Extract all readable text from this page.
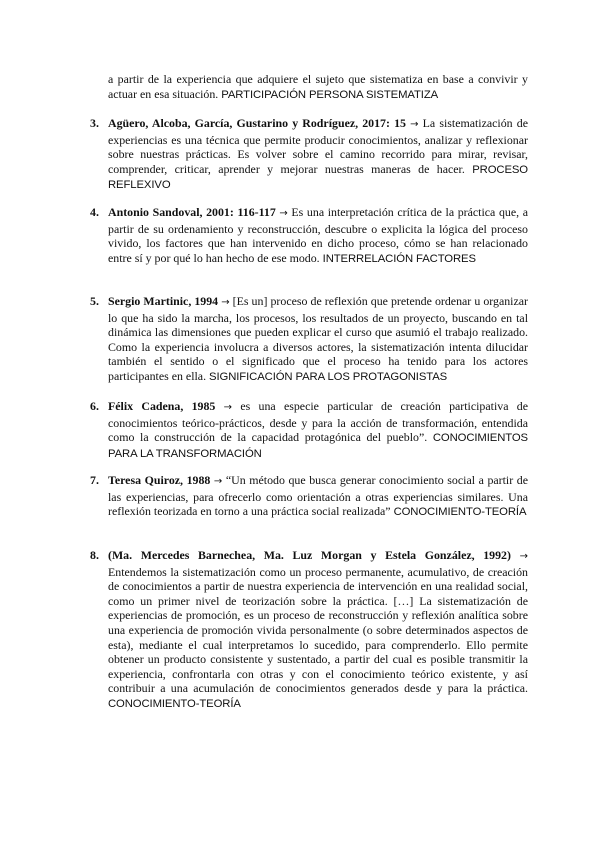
a partir de la experiencia que adquiere el sujeto que sistematiza en base a convivir y actuar en esa situación. PARTICIPACIÓN PERSONA SISTEMATIZA
3. Agüero, Alcoba, García, Gustarino y Rodríguez, 2017: 15 → La sistematización de experiencias es una técnica que permite producir conocimientos, analizar y reflexionar sobre nuestras prácticas. Es volver sobre el camino recorrido para mirar, revisar, comprender, criticar, aprender y mejorar nuestras maneras de hacer. PROCESO REFLEXIVO
4. Antonio Sandoval, 2001: 116-117 → Es una interpretación crítica de la práctica que, a partir de su ordenamiento y reconstrucción, descubre o explicita la lógica del proceso vivido, los factores que han intervenido en dicho proceso, cómo se han relacionado entre sí y por qué lo han hecho de ese modo. INTERRELACIÓN FACTORES
5. Sergio Martinic, 1994 → [Es un] proceso de reflexión que pretende ordenar u organizar lo que ha sido la marcha, los procesos, los resultados de un proyecto, buscando en tal dinámica las dimensiones que pueden explicar el curso que asumió el trabajo realizado. Como la experiencia involucra a diversos actores, la sistematización intenta dilucidar también el sentido o el significado que el proceso ha tenido para los actores participantes en ella. SIGNIFICACIÓN PARA LOS PROTAGONISTAS
6. Félix Cadena, 1985 → es una especie particular de creación participativa de conocimientos teórico-prácticos, desde y para la acción de transformación, entendida como la construcción de la capacidad protagónica del pueblo”. CONOCIMIENTOS PARA LA TRANSFORMACIÓN
7. Teresa Quiroz, 1988 → “Un método que busca generar conocimiento social a partir de las experiencias, para ofrecerlo como orientación a otras experiencias similares. Una reflexión teorizada en torno a una práctica social realizada” CONOCIMIENTO-TEORÍA
8. (Ma. Mercedes Barnechea, Ma. Luz Morgan y Estela González, 1992) → Entendemos la sistematización como un proceso permanente, acumulativo, de creación de conocimientos a partir de nuestra experiencia de intervención en una realidad social, como un primer nivel de teorización sobre la práctica. […] La sistematización de experiencias de promoción, es un proceso de reconstrucción y reflexión analítica sobre una experiencia de promoción vivida personalmente (o sobre determinados aspectos de esta), mediante el cual interpretamos lo sucedido, para comprenderlo. Ello permite obtener un producto consistente y sustentado, a partir del cual es posible transmitir la experiencia, confrontarla con otras y con el conocimiento teórico existente, y así contribuir a una acumulación de conocimientos generados desde y para la práctica. CONOCIMIENTO-TEORÍA
